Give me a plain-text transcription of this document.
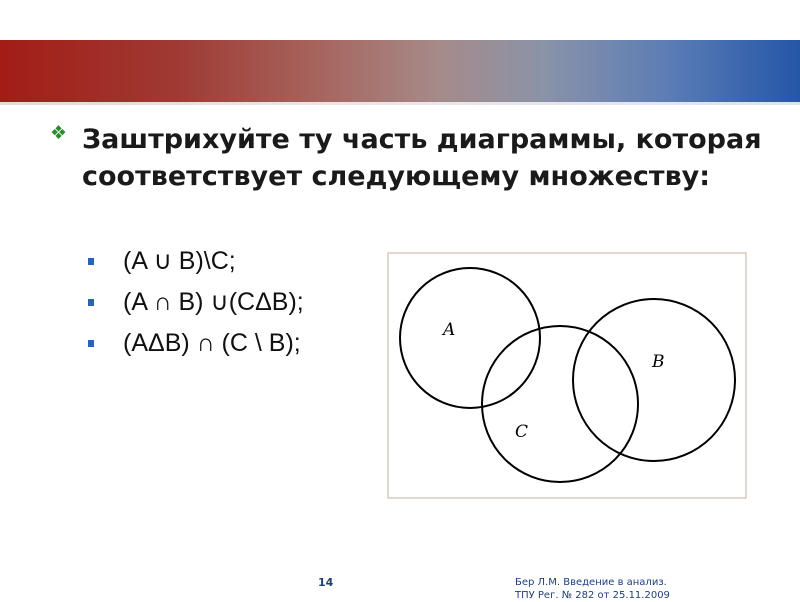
❖ Заштрихуйте ту часть диаграммы, которая соответствует следующему множеству:

(A ∪ B)\C;
(A ∩ B) ∪(CΔB);
(AΔB) ∩ (C \ B);	A
B
C
14	Бер Л.М. Введение в анализ.
ТПУ Рег. № 282 от 25.11.2009
